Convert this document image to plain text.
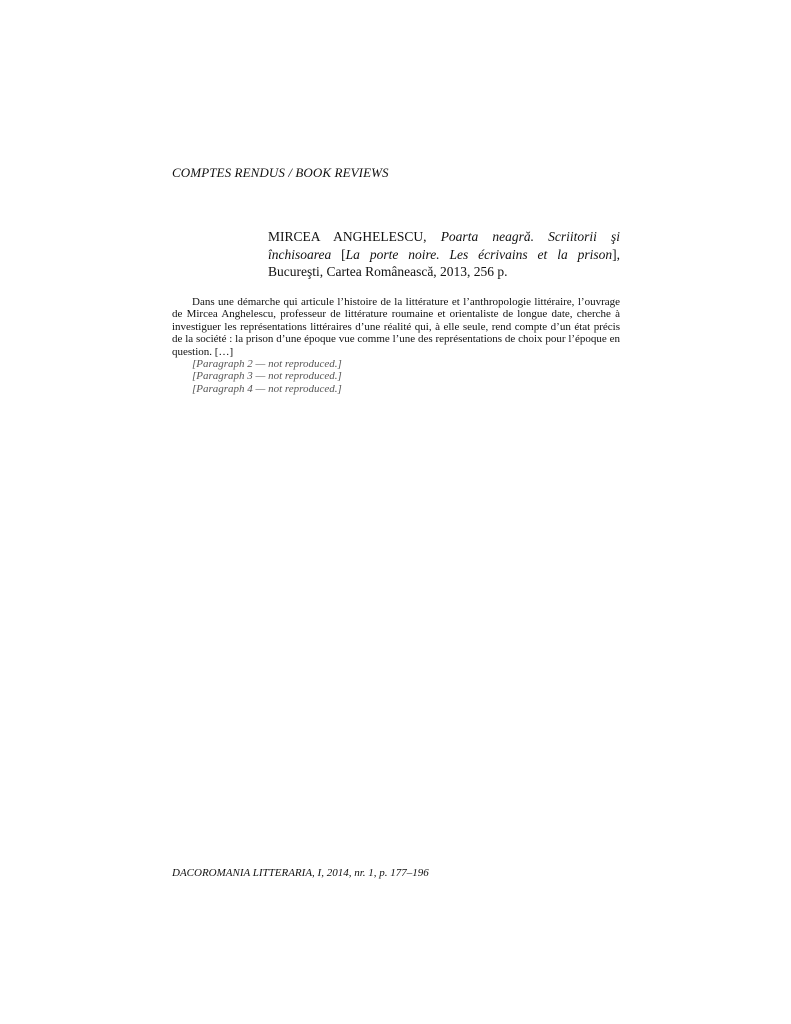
COMPTES RENDUS / BOOK REVIEWS
MIRCEA ANGHELESCU, Poarta neagră. Scriitorii şi închisoarea [La porte noire. Les écrivains et la prison], Bucureşti, Cartea Românească, 2013, 256 p.

Dans une démarche qui articule l’histoire de la littérature et l’anthropologie littéraire, l’ouvrage de Mircea Anghelescu, professeur de littérature roumaine et orientaliste de longue date, cherche à investiguer les représentations littéraires d’une réalité qui, à elle seule, rend compte d’un état précis de la société : la prison d’une époque vue comme l’une des représentations de choix pour l’époque en question. […]

[Paragraph 2 — not reproduced.]

[Paragraph 3 — not reproduced.]

[Paragraph 4 — not reproduced.]

DACOROMANIA LITTERARIA, I, 2014, nr. 1, p. 177–196
